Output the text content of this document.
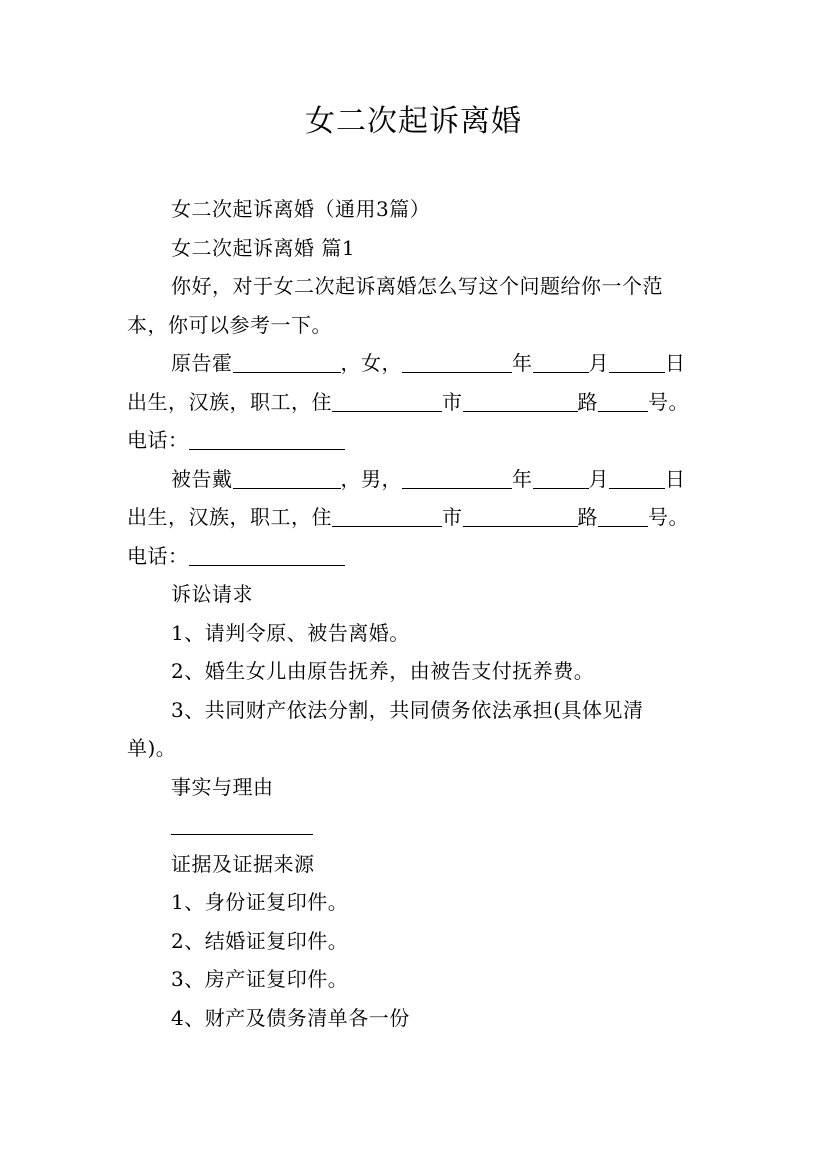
女二次起诉离婚

女二次起诉离婚（通用3篇）

女二次起诉离婚 篇1

你好，对于女二次起诉离婚怎么写这个问题给你一个范

本，你可以参考一下。

原告霍	，女，	年	月	日

出生，汉族，职工，住	市	路	号。

电话：

被告戴	，男，	年	月	日

出生，汉族，职工，住	市	路	号。

电话：

诉讼请求

1、请判令原、被告离婚。

2、婚生女儿由原告抚养，由被告支付抚养费。

3、共同财产依法分割，共同债务依法承担(具体见清

单)。

事实与理由

证据及证据来源

1、身份证复印件。

2、结婚证复印件。

3、房产证复印件。

4、财产及债务清单各一份
